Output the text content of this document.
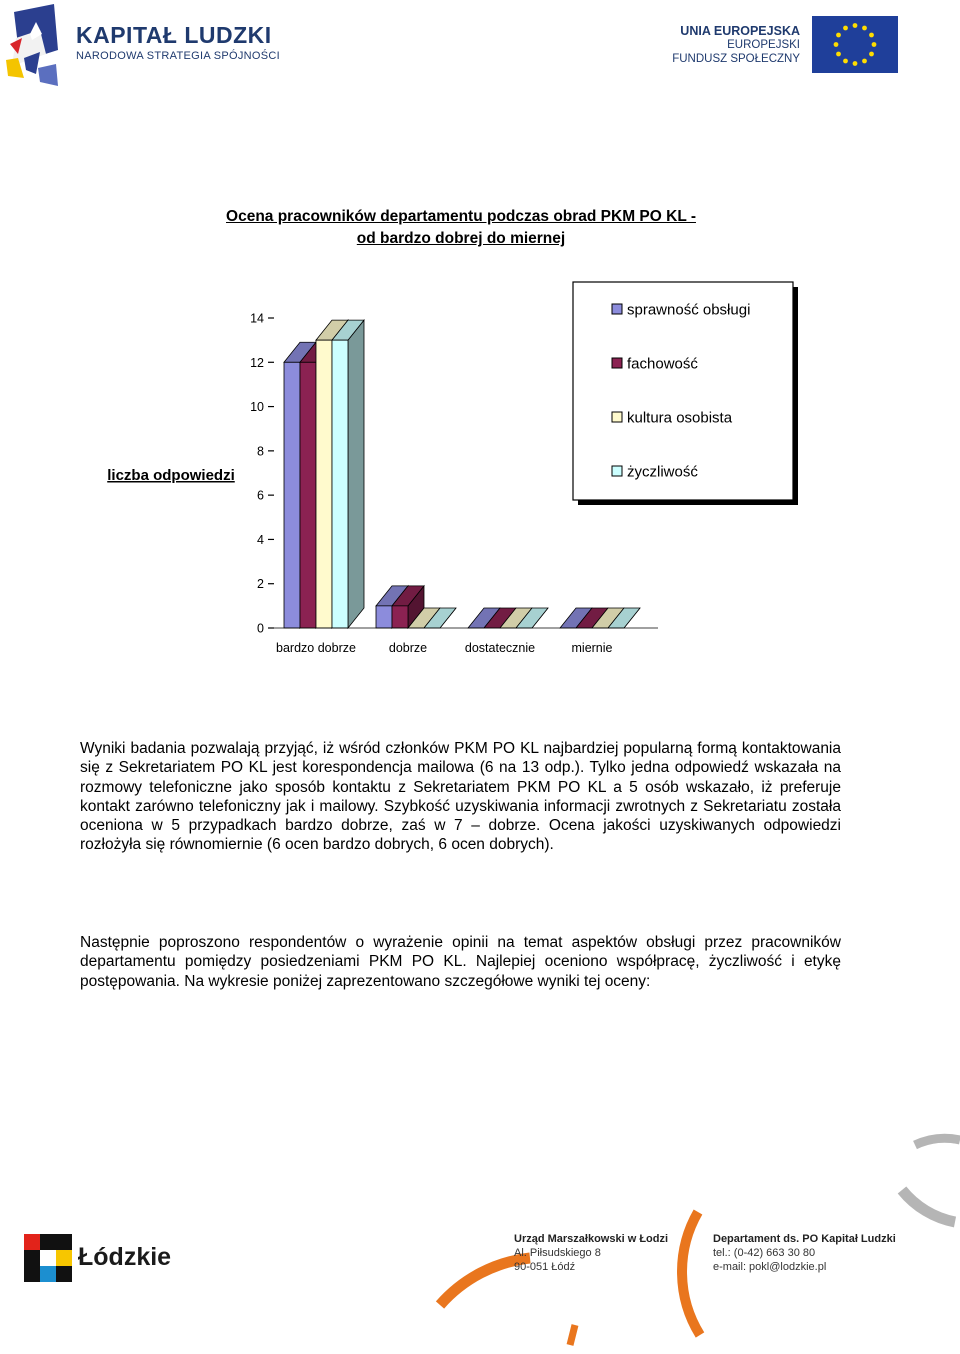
KAPITAŁ LUDZKI
NARODOWA STRATEGIA SPÓJNOŚCI
UNIA EUROPEJSKA
EUROPEJSKI
FUNDUSZ SPOŁECZNY
Ocena pracowników departamentu podczas obrad PKM PO KL -
od bardzo dobrej do miernej
0
2
4
6
8
10
12
14
bardzo dobrze	dobrze	dostatecznie	miernie
liczba odpowiedzi
sprawność obsługi
fachowość
kultura osobista
życzliwość
Wyniki badania pozwalają przyjąć, iż wśród członków PKM PO KL najbardziej popularną formą kontaktowania się z Sekretariatem PO KL jest korespondencja mailowa (6 na 13 odp.). Tylko jedna odpowiedź wskazała na rozmowy telefoniczne jako sposób kontaktu z Sekretariatem PKM PO KL a 5 osób wskazało, iż preferuje kontakt zarówno telefoniczny jak i mailowy. Szybkość uzyskiwania informacji zwrotnych z Sekretariatu została oceniona w 5 przypadkach bardzo dobrze, zaś w 7 – dobrze. Ocena jakości uzyskiwanych odpowiedzi rozłożyła się równomiernie (6 ocen bardzo dobrych, 6 ocen dobrych).
Następnie poproszono respondentów o wyrażenie opinii na temat aspektów obsługi przez pracowników departamentu pomiędzy posiedzeniami PKM PO KL. Najlepiej oceniono współpracę, życzliwość i etykę postępowania. Na wykresie poniżej zaprezentowano szczegółowe wyniki tej oceny:
Łódzkie
Urząd Marszałkowski w Łodzi
Al. Piłsudskiego 8
90-051 Łódź
Departament ds. PO Kapitał Ludzki
tel.: (0-42) 663 30 80
e-mail: pokl@lodzkie.pl
